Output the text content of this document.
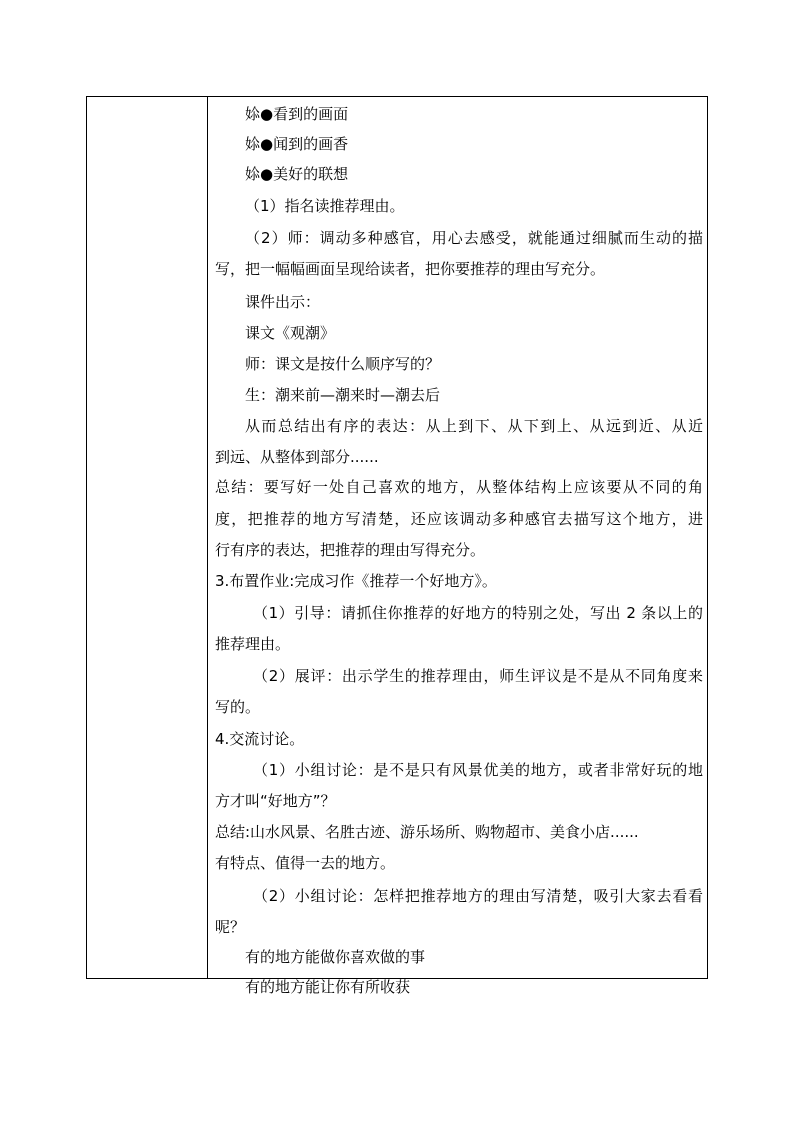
㛋●看到的画面
㛋●闻到的画香
㛋●美好的联想
（1）指名读推荐理由。
（2）师：调动多种感官，用心去感受，就能通过细腻而生动的描
写，把一幅幅画面呈现给读者，把你要推荐的理由写充分。
课件出示：
课文《观潮》
师：课文是按什么顺序写的？
生：潮来前—潮来时—潮去后
从而总结出有序的表达：从上到下、从下到上、从远到近、从近
到远、从整体到部分......
总结：要写好一处自己喜欢的地方，从整体结构上应该要从不同的角
度，把推荐的地方写清楚，还应该调动多种感官去描写这个地方，进
行有序的表达，把推荐的理由写得充分。
3.布置作业:完成习作《推荐一个好地方》。
（1）引导：请抓住你推荐的好地方的特别之处，写出 2 条以上的
推荐理由。
（2）展评：出示学生的推荐理由，师生评议是不是从不同角度来
写的。
4.交流讨论。
（1）小组讨论：是不是只有风景优美的地方，或者非常好玩的地
方才叫“好地方”？
总结:山水风景、名胜古迹、游乐场所、购物超市、美食小店......
有特点、值得一去的地方。
（2）小组讨论：怎样把推荐地方的理由写清楚，吸引大家去看看
呢？
有的地方能做你喜欢做的事
有的地方能让你有所收获
